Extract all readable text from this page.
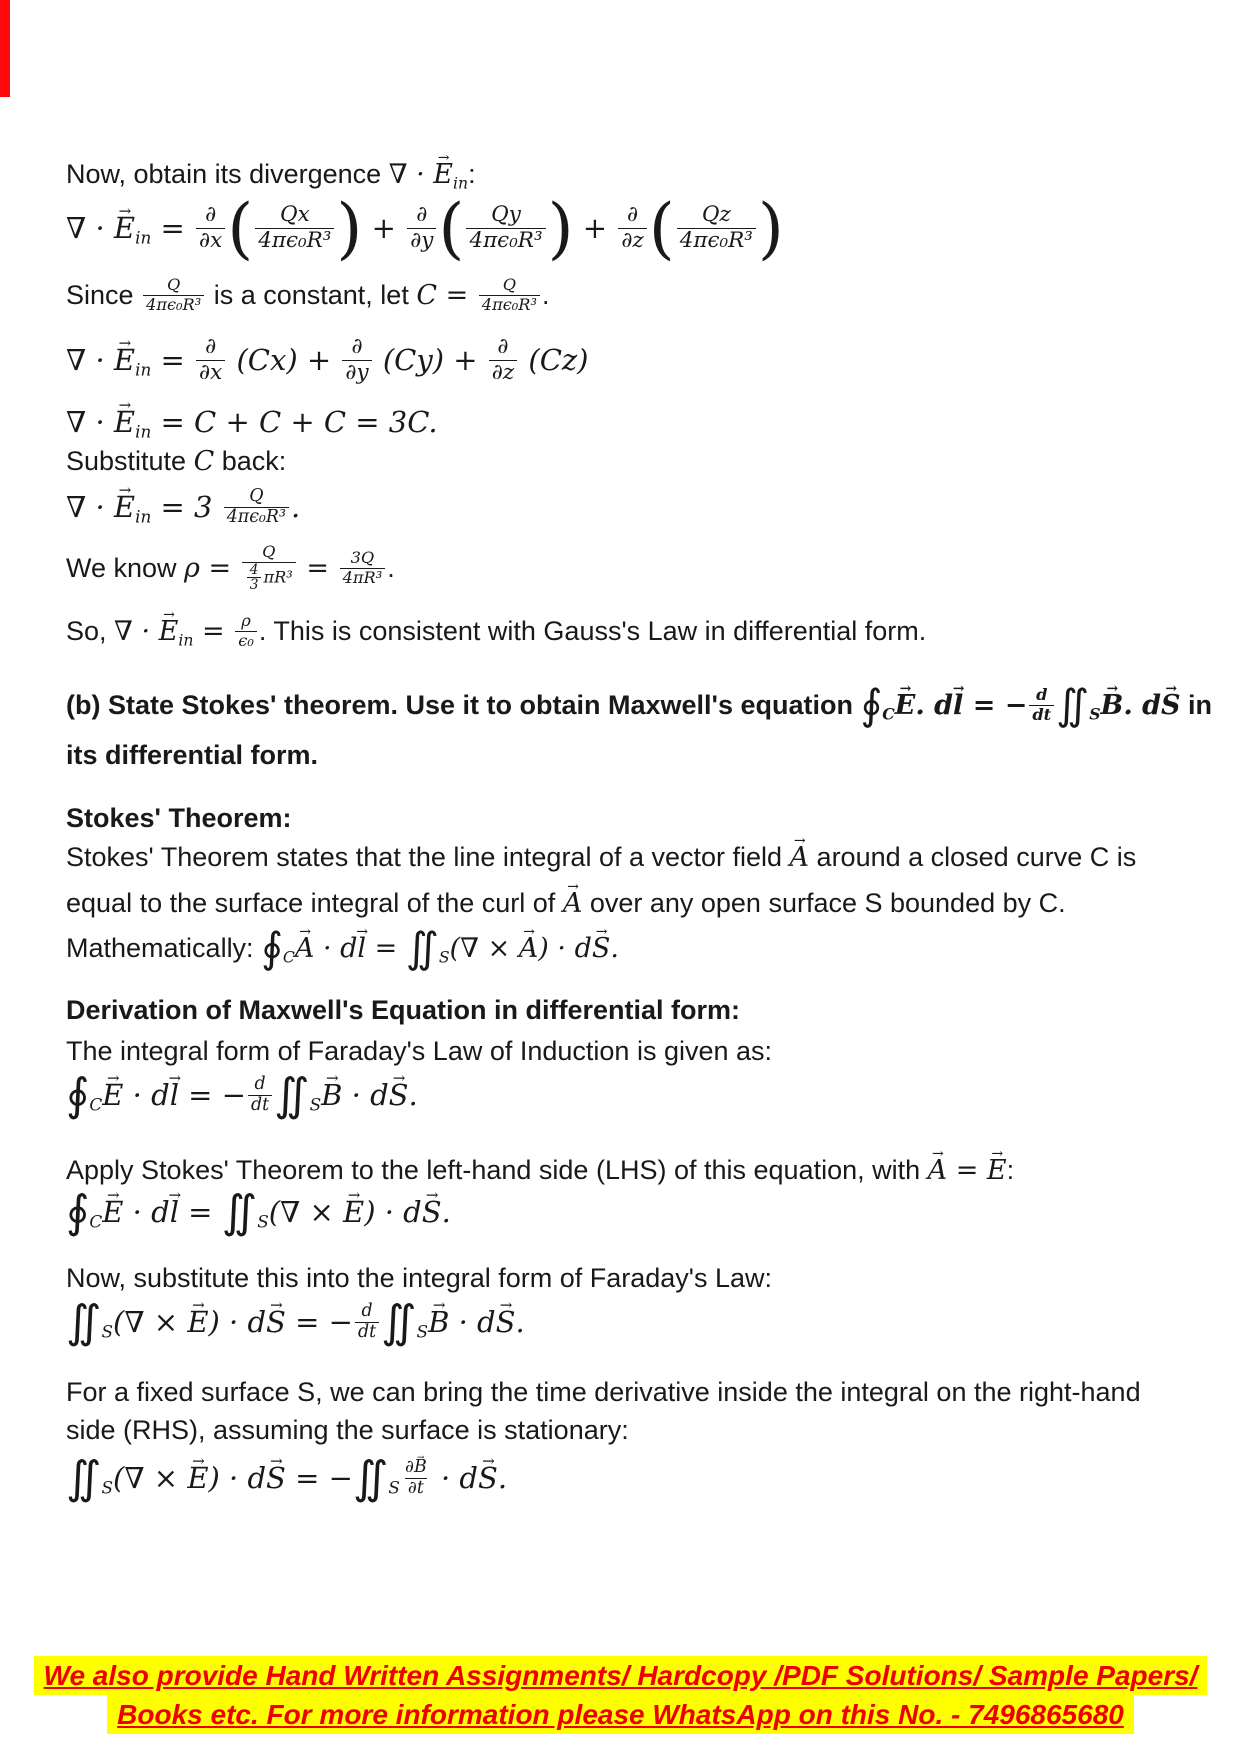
Now, obtain its divergence ∇ · E → in :
∇ · E → in = $\frac{\partial}{\partial x}$ ( $\frac{Qx}{\text{4πϵ₀R³}}$ ) + $\frac{\partial}{\partial y}$ ( $\frac{Qy}{\text{4πϵ₀R³}}$ ) + $\frac{\partial}{\partial z}$ ( $\frac{Qz}{\text{4πϵ₀R³}}$ )
Since $\frac{Q}{\text{4πϵ₀R³}}$ is a constant, let $C = \frac{Q}{\text{4πϵ₀R³}}$ .
∇ · E → in = $\frac{\partial}{\partial x} (Cx) + \frac{\partial}{\partial y} (Cy) + \frac{\partial}{\partial z} (Cz)$
∇ · E → in = C + C + C = 3C.
Substitute C back:
∇ · E → in = $3 \frac{Q}{\text{4πϵ₀R³}}$ .
We know $\rho = \frac{Q}{\frac{4}{3} \pi R^3} = \frac{3Q}{\text{4πR³}}$ .
So, ∇ · E → in = $\frac{\rho}{\text{ϵ₀}}$ . This is consistent with Gauss's Law in differential form.
(b) State Stokes' theorem. Use it to obtain Maxwell's equation ∮ C E → . d l → = − $\frac{d}{dt}$ ∬ S B → . d S → in
its differential form.
Stokes' Theorem:
Stokes' Theorem states that the line integral of a vector field A → around a closed curve C is
equal to the surface integral of the curl of A → over any open surface S bounded by C.
Mathematically: ∮ C A → · d l → = ∬ S (∇ × A → ) · d S → .
Derivation of Maxwell's Equation in differential form:
The integral form of Faraday's Law of Induction is given as:
∮ C E → · d l → = − $\frac{d}{dt}$ ∬ S B → · d S → .
Apply Stokes' Theorem to the left-hand side (LHS) of this equation, with A → = E → :
∮ C E → · d l → = ∬ S (∇ × E → ) · d S → .
Now, substitute this into the integral form of Faraday's Law:
∬ S (∇ × E → ) · d S → = − $\frac{d}{dt}$ ∬ S B → · d S → .
For a fixed surface S, we can bring the time derivative inside the integral on the right-hand
side (RHS), assuming the surface is stationary:
∬ S (∇ × E → ) · d S → = − ∬ S $\frac{\partial B \to}{\partial t} \cdot d$ S → .
We also provide Hand Written Assignments/ Hardcopy /PDF Solutions/ Sample Papers/
Books etc. For more information please WhatsApp on this No. - 7496865680
